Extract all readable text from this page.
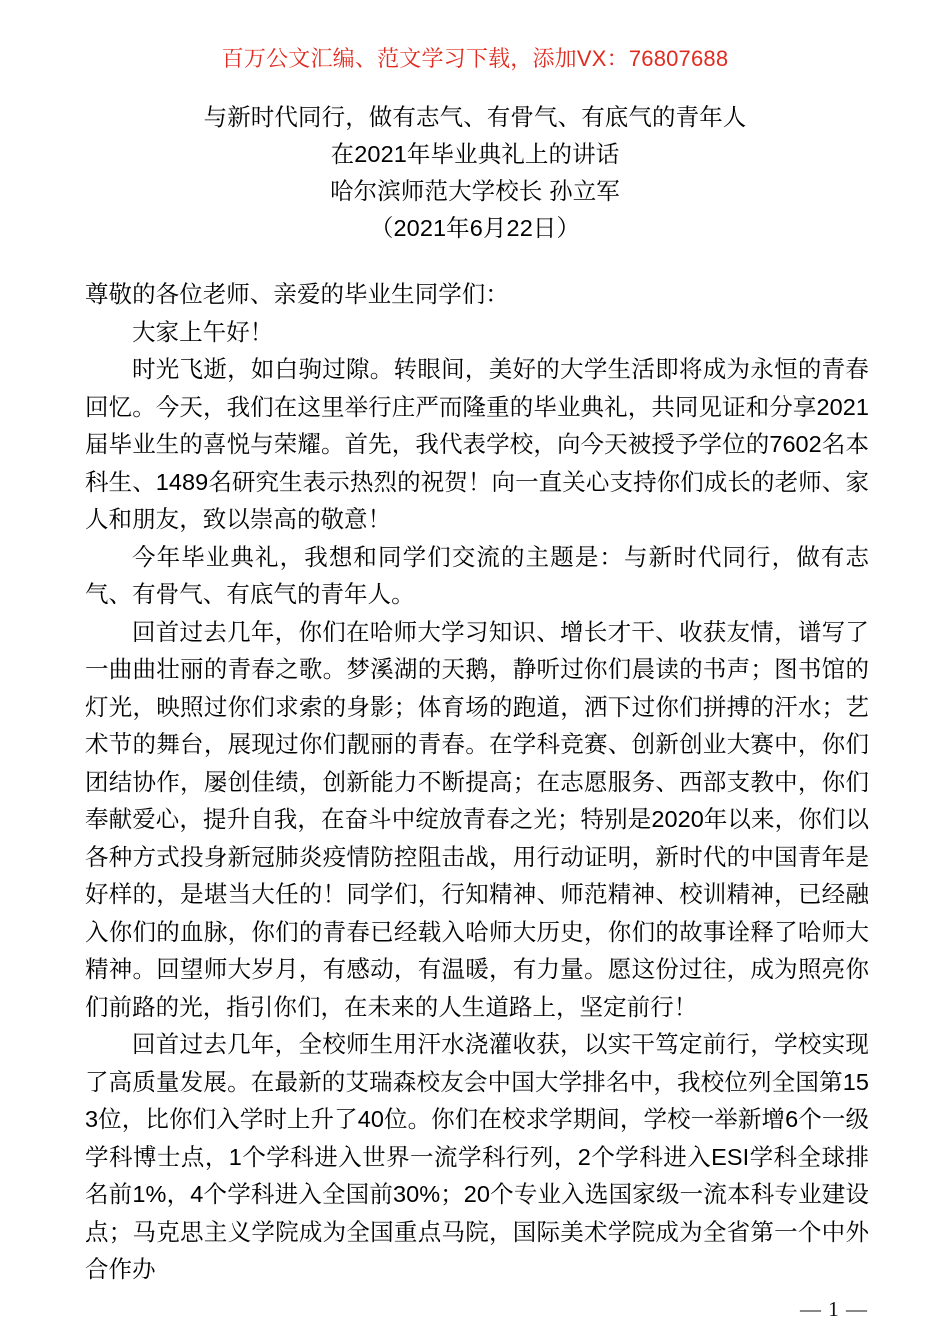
百万公文汇编、范文学习下载，添加VX：76807688
与新时代同行，做有志气、有骨气、有底气的青年人
在2021年毕业典礼上的讲话
哈尔滨师范大学校长 孙立军
（2021年6月22日）

尊敬的各位老师、亲爱的毕业生同学们：

大家上午好！

时光飞逝，如白驹过隙。转眼间，美好的大学生活即将成为永恒的青春回忆。今天，我们在这里举行庄严而隆重的毕业典礼，共同见证和分享2021届毕业生的喜悦与荣耀。首先，我代表学校，向今天被授予学位的7602名本科生、1489名研究生表示热烈的祝贺！向一直关心支持你们成长的老师、家人和朋友，致以崇高的敬意！

今年毕业典礼，我想和同学们交流的主题是：与新时代同行，做有志气、有骨气、有底气的青年人。

回首过去几年，你们在哈师大学习知识、增长才干、收获友情，谱写了一曲曲壮丽的青春之歌。梦溪湖的天鹅，静听过你们晨读的书声；图书馆的灯光，映照过你们求索的身影；体育场的跑道，洒下过你们拼搏的汗水；艺术节的舞台，展现过你们靓丽的青春。在学科竞赛、创新创业大赛中，你们团结协作，屡创佳绩，创新能力不断提高；在志愿服务、西部支教中，你们奉献爱心，提升自我，在奋斗中绽放青春之光；特别是2020年以来，你们以各种方式投身新冠肺炎疫情防控阻击战，用行动证明，新时代的中国青年是好样的，是堪当大任的！同学们，行知精神、师范精神、校训精神，已经融入你们的血脉，你们的青春已经载入哈师大历史，你们的故事诠释了哈师大精神。回望师大岁月，有感动，有温暖，有力量。愿这份过往，成为照亮你们前路的光，指引你们，在未来的人生道路上，坚定前行！

回首过去几年，全校师生用汗水浇灌收获，以实干笃定前行，学校实现了高质量发展。在最新的艾瑞森校友会中国大学排名中，我校位列全国第153位，比你们入学时上升了40位。你们在校求学期间，学校一举新增6个一级学科博士点，1个学科进入世界一流学科行列，2个学科进入ESI学科全球排名前1%，4个学科进入全国前30%；20个专业入选国家级一流本科专业建设点；马克思主义学院成为全国重点马院，国际美术学院成为全省第一个中外合作办

— 1 —
